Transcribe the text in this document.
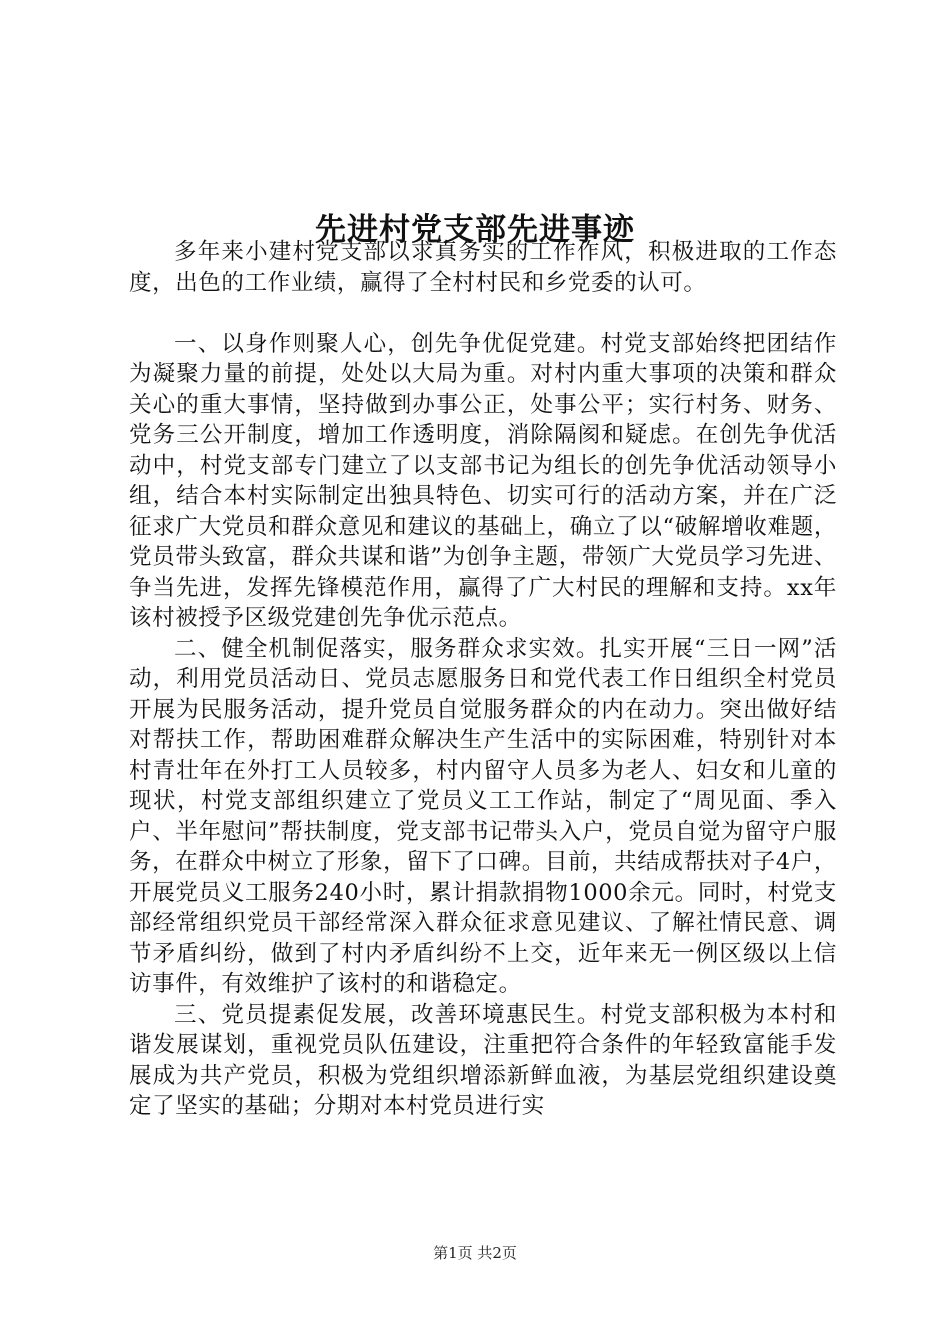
先进村党支部先进事迹

多年来小建村党支部以求真务实的工作作风，积极进取的工作态度，出色的工作业绩，赢得了全村村民和乡党委的认可。

一、以身作则聚人心，创先争优促党建。村党支部始终把团结作为凝聚力量的前提，处处以大局为重。对村内重大事项的决策和群众关心的重大事情，坚持做到办事公正，处事公平；实行村务、财务、党务三公开制度，增加工作透明度，消除隔阂和疑虑。在创先争优活动中，村党支部专门建立了以支部书记为组长的创先争优活动领导小组，结合本村实际制定出独具特色、切实可行的活动方案，并在广泛征求广大党员和群众意见和建议的基础上，确立了以“破解增收难题，党员带头致富，群众共谋和谐”为创争主题，带领广大党员学习先进、争当先进，发挥先锋模范作用，赢得了广大村民的理解和支持。xx年该村被授予区级党建创先争优示范点。

二、健全机制促落实，服务群众求实效。扎实开展“三日一网”活动，利用党员活动日、党员志愿服务日和党代表工作日组织全村党员开展为民服务活动，提升党员自觉服务群众的内在动力。突出做好结对帮扶工作，帮助困难群众解决生产生活中的实际困难，特别针对本村青壮年在外打工人员较多，村内留守人员多为老人、妇女和儿童的现状，村党支部组织建立了党员义工工作站，制定了“周见面、季入户、半年慰问”帮扶制度，党支部书记带头入户，党员自觉为留守户服务，在群众中树立了形象，留下了口碑。目前，共结成帮扶对子4户，开展党员义工服务240小时，累计捐款捐物1000余元。同时，村党支部经常组织党员干部经常深入群众征求意见建议、了解社情民意、调节矛盾纠纷，做到了村内矛盾纠纷不上交，近年来无一例区级以上信访事件，有效维护了该村的和谐稳定。

三、党员提素促发展，改善环境惠民生。村党支部积极为本村和谐发展谋划，重视党员队伍建设，注重把符合条件的年轻致富能手发展成为共产党员，积极为党组织增添新鲜血液，为基层党组织建设奠定了坚实的基础；分期对本村党员进行实

第1页 共2页
